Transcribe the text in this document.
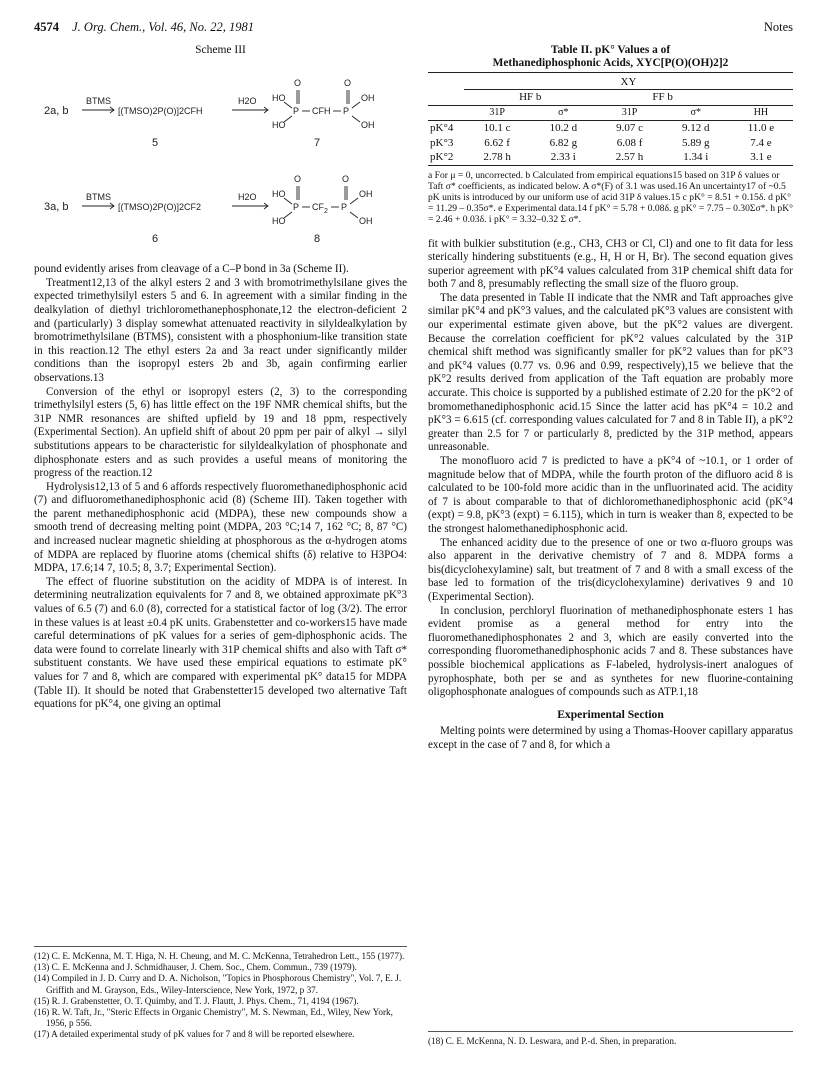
4574 J. Org. Chem., Vol. 46, No. 22, 1981	Notes
Scheme III
2a, b
BTMS
[(TMSO)2P(O)]2CFH
H2O HO
HO
P
O
CFH P
O
OH
OH
5	7
3a, b
BTMS
[(TMSO)2P(O)]2CF2
H2O HO
HO
P
O
CF 2 P
O
OH
OH
6	8

pound evidently arises from cleavage of a C–P bond in 3a (Scheme II).

Treatment12,13 of the alkyl esters 2 and 3 with bromotrimethylsilane gives the expected trimethylsilyl esters 5 and 6. In agreement with a similar finding in the dealkylation of diethyl trichloromethanephosphonate,12 the electron-deficient 2 and (particularly) 3 display somewhat attenuated reactivity in silyldealkylation by bromotrimethylsilane (BTMS), consistent with a phosphonium-like transition state in this reaction.12 The ethyl esters 2a and 3a react under significantly milder conditions than the isopropyl esters 2b and 3b, again confirming earlier observations.13

Conversion of the ethyl or isopropyl esters (2, 3) to the corresponding trimethylsilyl esters (5, 6) has little effect on the 19F NMR chemical shifts, but the 31P NMR resonances are shifted upfield by 19 and 18 ppm, respectively (Experimental Section). An upfield shift of about 20 ppm per pair of alkyl → silyl substitutions appears to be characteristic for silyldealkylation of phosphonate and diphosphonate esters and as such provides a useful means of monitoring the progress of the reaction.12

Hydrolysis12,13 of 5 and 6 affords respectively fluoromethanediphosphonic acid (7) and difluoromethanediphosphonic acid (8) (Scheme III). Taken together with the parent methanediphosphonic acid (MDPA), these new compounds show a smooth trend of decreasing melting point (MDPA, 203 °C;14 7, 162 °C; 8, 87 °C) and increased nuclear magnetic shielding at phosphorous as the α-hydrogen atoms of MDPA are replaced by fluorine atoms (chemical shifts (δ) relative to H3PO4: MDPA, 17.6;14 7, 10.5; 8, 3.7; Experimental Section).

The effect of fluorine substitution on the acidity of MDPA is of interest. In determining neutralization equivalents for 7 and 8, we obtained approximate pK°3 values of 6.5 (7) and 6.0 (8), corrected for a statistical factor of log (3/2). The error in these values is at least ±0.4 pK units. Grabenstetter and co-workers15 have made careful determinations of pK values for a series of gem-diphosphonic acids. The data were found to correlate linearly with 31P chemical shifts and also with Taft σ* substituent constants. We have used these empirical equations to estimate pK° values for 7 and 8, which are compared with experimental pK° data15 for MDPA (Table II). It should be noted that Grabenstetter15 developed two alternative Taft equations for pK°4, one giving an optimal

(12) C. E. McKenna, M. T. Higa, N. H. Cheung, and M. C. McKenna, Tetrahedron Lett., 155 (1977).

(13) C. E. McKenna and J. Schmidhauser, J. Chem. Soc., Chem. Commun., 739 (1979).

(14) Compiled in J. D. Curry and D. A. Nicholson, "Topics in Phosphorous Chemistry", Vol. 7, E. J. Griffith and M. Grayson, Eds., Wiley-Interscience, New York, 1972, p 37.

(15) R. J. Grabenstetter, O. T. Quimby, and T. J. Flautt, J. Phys. Chem., 71, 4194 (1967).

(16) R. W. Taft, Jr., "Steric Effects in Organic Chemistry", M. S. Newman, Ed., Wiley, New York, 1956, p 556.

(17) A detailed experimental study of pK values for 7 and 8 will be reported elsewhere.

Table II. pK° Values a of
Methanediphosphonic Acids, XYC[P(O)(OH)2]2

	XY				
	HF b		FF b		
	31P	σ*	31P	σ*	HH
pK°4	10.1 c	10.2 d	9.07 c	9.12 d	11.0 e
pK°3	6.62 f	6.82 g	6.08 f	5.89 g	7.4 e
pK°2	2.78 h	2.33 i	2.57 h	1.34 i	3.1 e

a For μ = 0, uncorrected. b Calculated from empirical equations15 based on 31P δ values or Taft σ* coefficients, as indicated below. A σ*(F) of 3.1 was used.16 An uncertainty17 of ~0.5 pK units is introduced by our uniform use of acid 31P δ values.15 c pK° = 8.51 + 0.15δ. d pK° = 11.29 – 0.35σ*. e Experimental data.14 f pK° = 5.78 + 0.08δ. g pK° = 7.75 – 0.30Σσ*. h pK° = 2.46 + 0.03δ. i pK° = 3.32–0.32 Σ σ*.

fit with bulkier substitution (e.g., CH3, CH3 or Cl, Cl) and one to fit data for less sterically hindering substituents (e.g., H, H or H, Br). The second equation gives superior agreement with pK°4 values calculated from 31P chemical shift data for both 7 and 8, presumably reflecting the small size of the fluoro group.

The data presented in Table II indicate that the NMR and Taft approaches give similar pK°4 and pK°3 values, and the calculated pK°3 values are consistent with our experimental estimate given above, but the pK°2 values are divergent. Because the correlation coefficient for pK°2 values calculated by the 31P chemical shift method was significantly smaller for pK°2 values than for pK°3 and pK°4 values (0.77 vs. 0.96 and 0.99, respectively),15 we believe that the pK°2 results derived from application of the Taft equation are probably more accurate. This choice is supported by a published estimate of 2.20 for the pK°2 of bromomethanediphosphonic acid.15 Since the latter acid has pK°4 = 10.2 and pK°3 = 6.615 (cf. corresponding values calculated for 7 and 8 in Table II), a pK°2 greater than 2.5 for 7 or particularly 8, predicted by the 31P method, appears unreasonable.

The monofluoro acid 7 is predicted to have a pK°4 of ~10.1, or 1 order of magnitude below that of MDPA, while the fourth proton of the difluoro acid 8 is calculated to be 100-fold more acidic than in the unfluorinated acid. The acidity of 7 is about comparable to that of dichloromethanediphosphonic acid (pK°4 (expt) = 9.8, pK°3 (expt) = 6.115), which in turn is weaker than 8, expected to be the strongest halomethanediphosphonic acid.

The enhanced acidity due to the presence of one or two α-fluoro groups was also apparent in the derivative chemistry of 7 and 8. MDPA forms a bis(dicyclohexylamine) salt, but treatment of 7 and 8 with a small excess of the base led to formation of the tris(dicyclohexylamine) derivatives 9 and 10 (Experimental Section).

In conclusion, perchloryl fluorination of methanediphosphonate esters 1 has evident promise as a general method for entry into the fluoromethanediphosphonates 2 and 3, which are easily converted into the corresponding fluoromethanediphosphonic acids 7 and 8. These substances have possible biochemical applications as F-labeled, hydrolysis-inert analogues of pyrophosphate, both per se and as synthetes for new fluorine-containing oligophosphonate analogues of compounds such as ATP.1,18

Experimental Section

Melting points were determined by using a Thomas-Hoover capillary apparatus except in the case of 7 and 8, for which a

(18) C. E. McKenna, N. D. Leswara, and P.-d. Shen, in preparation.
